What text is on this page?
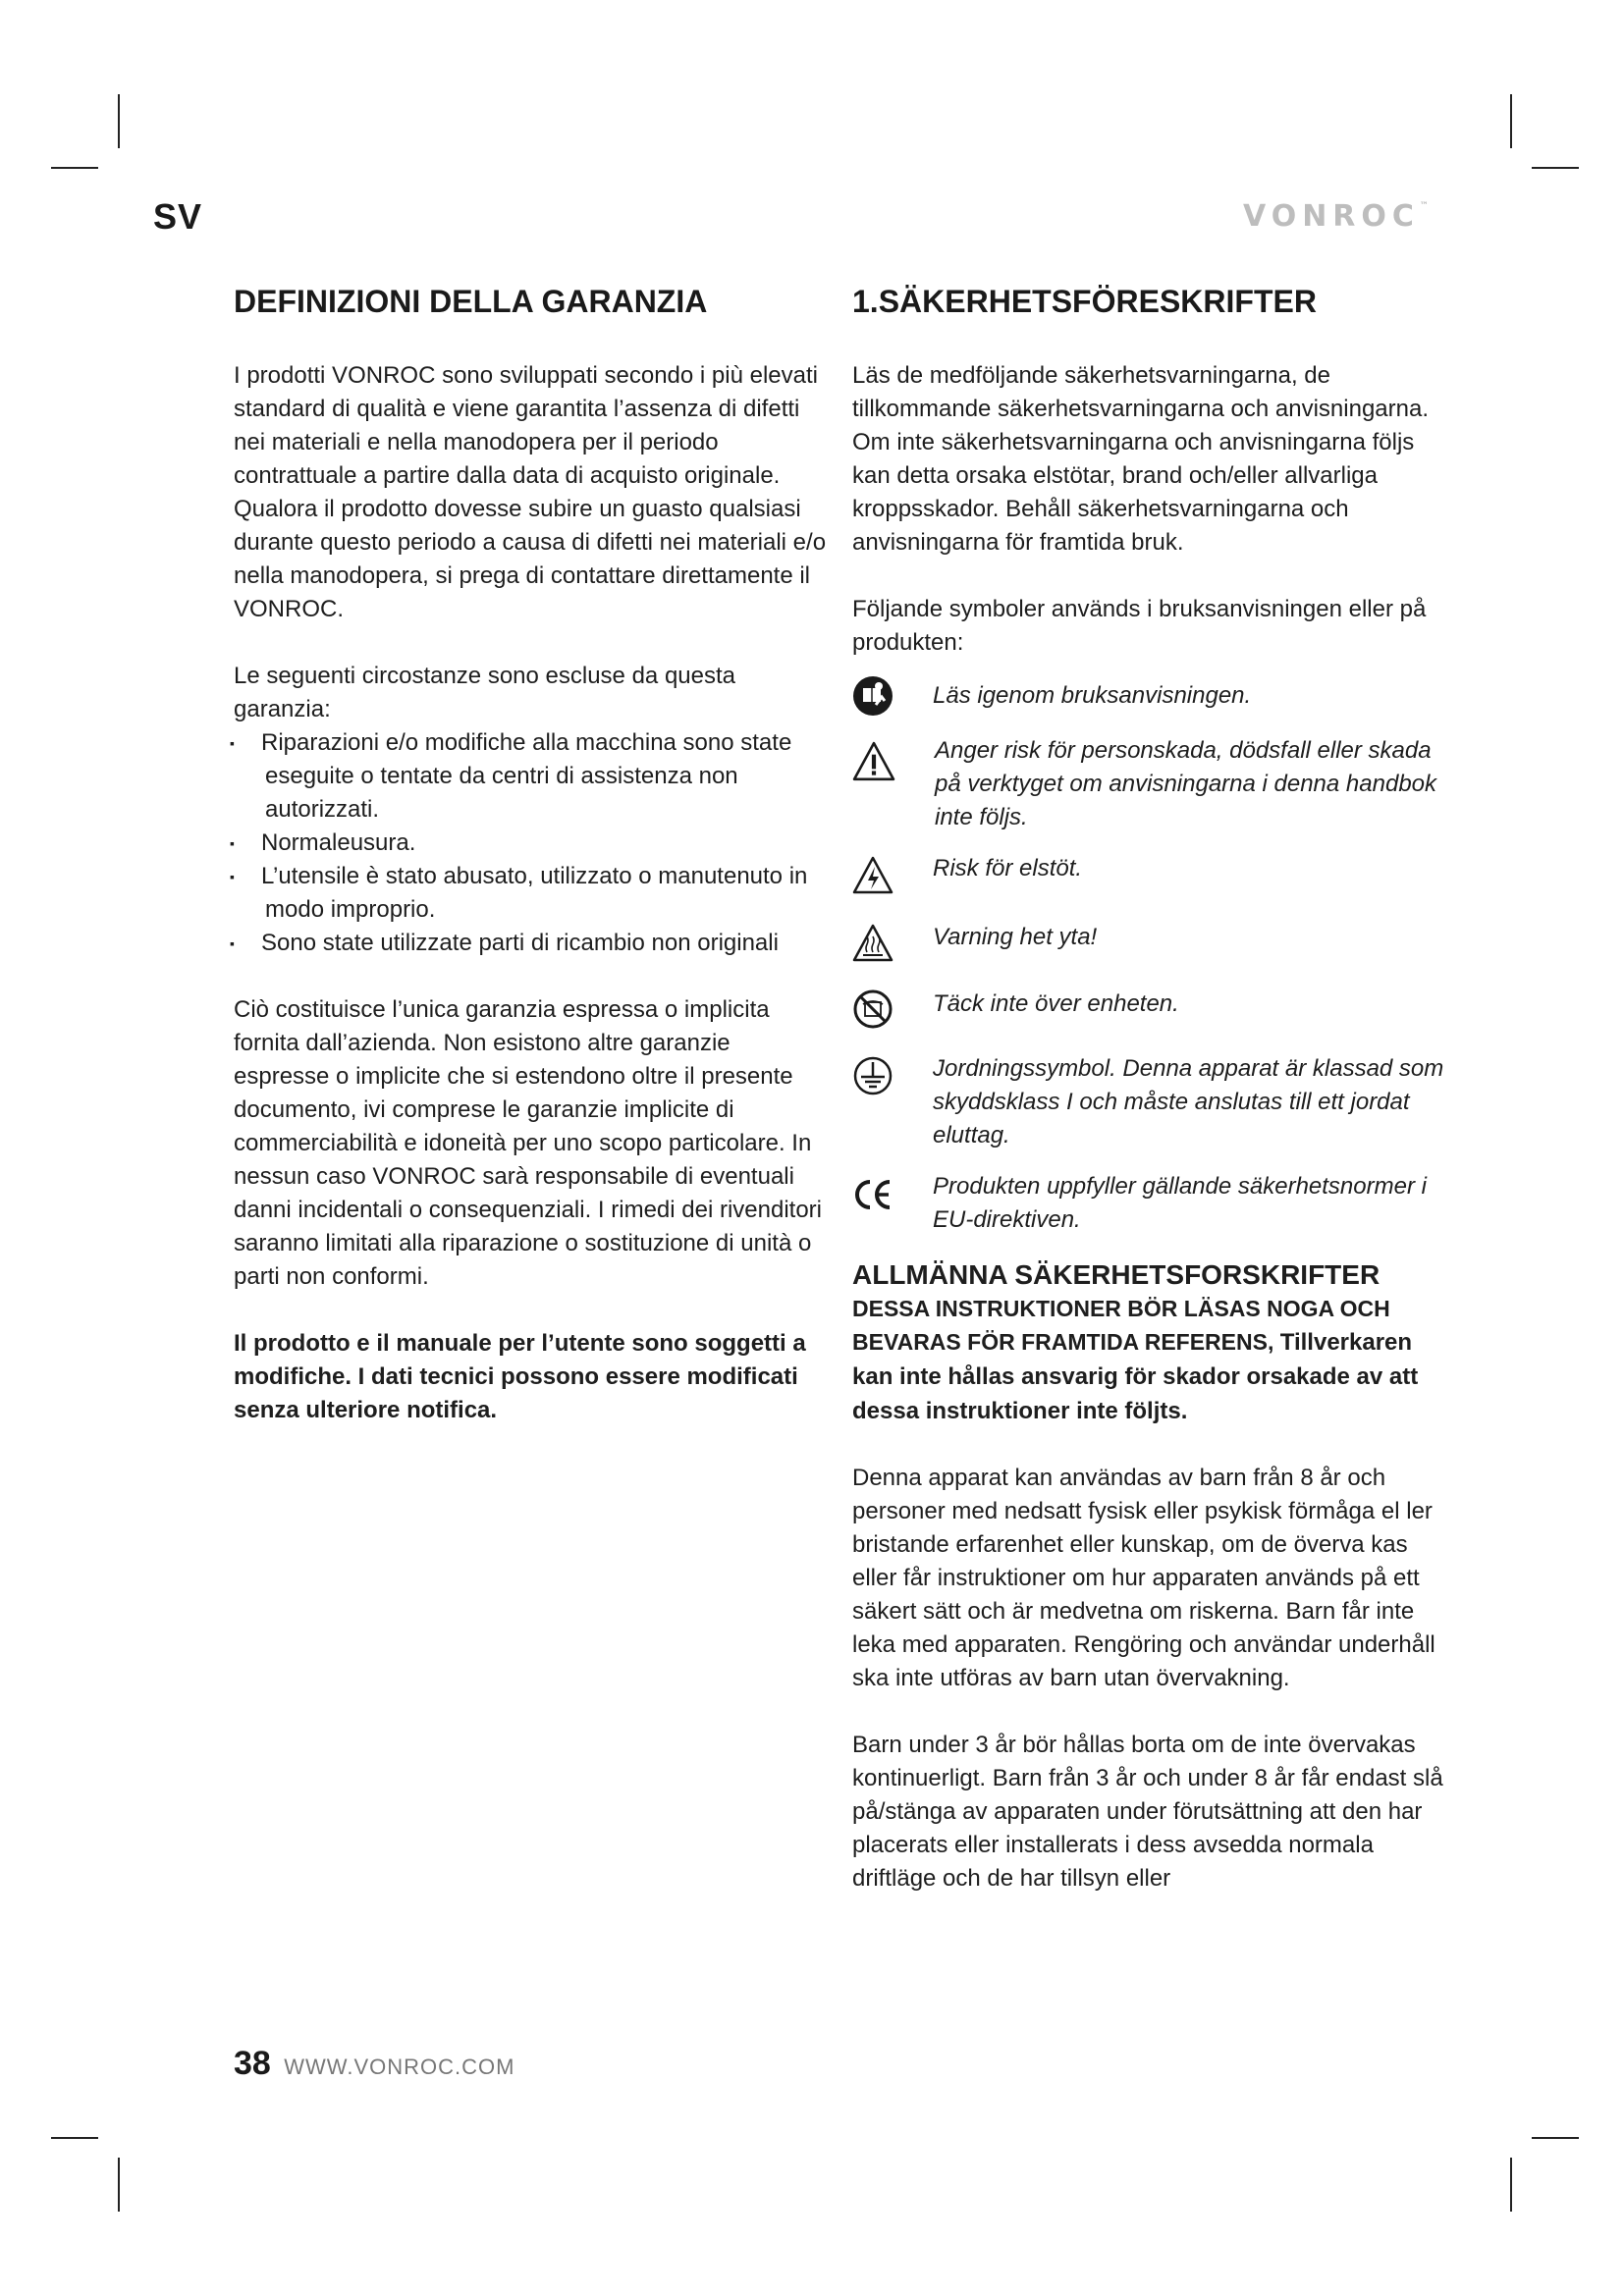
SV	VONROC™
DEFINIZIONI DELLA GARANZIA

I prodotti VONROC sono sviluppati secondo i più elevati standard di qualità e viene garantita l’assenza di difetti nei materiali e nella manodopera per il periodo contrattuale a partire dalla data di acquisto originale. Qualora il prodotto dovesse subire un guasto qualsiasi durante questo periodo a causa di difetti nei materiali e/o nella manodopera, si prega di contattare direttamente il VONROC.

Le seguenti circostanze sono escluse da questa garanzia:
▪ Riparazioni e/o modifiche alla macchina sono state eseguite o tentate da centri di assistenza non autorizzati.
▪ Normaleusura.
▪ L’utensile è stato abusato, utilizzato o manutenuto in modo improprio.
▪ Sono state utilizzate parti di ricambio non originali

Ciò costituisce l’unica garanzia espressa o implicita fornita dall’azienda. Non esistono altre garanzie espresse o implicite che si estendono oltre il presente documento, ivi comprese le garanzie implicite di commerciabilità e idoneità per uno scopo particolare. In nessun caso VONROC sarà responsabile di eventuali danni incidentali o consequenziali. I rimedi dei rivenditori saranno limitati alla riparazione o sostituzione di unità o parti non conformi.

Il prodotto e il manuale per l’utente sono soggetti a modifiche. I dati tecnici possono essere modificati senza ulteriore notifica.

1.SÄKERHETSFÖRESKRIFTER

Läs de medföljande säkerhetsvarningarna, de tillkommande säkerhetsvarningarna och anvisningarna. Om inte säkerhetsvarningarna och anvisningarna följs kan detta orsaka elstötar, brand och/eller allvarliga kroppsskador. Behåll säkerhetsvarningarna och anvisningarna för framtida bruk.

Följande symboler används i bruksanvisningen eller på produkten:

Läs igenom bruksanvisningen.
Anger risk för personskada, dödsfall eller skada på verktyget om anvisningarna i denna handbok inte följs.
Risk för elstöt.
Varning het yta!
Täck inte över enheten.
Jordningssymbol. Denna apparat är klassad som skyddsklass I och måste anslutas till ett jordat eluttag.
Produkten uppfyller gällande säkerhetsnormer i EU-direktiven.
ALLMÄNNA SÄKERHETSFORSKRIFTER
DESSA INSTRUKTIONER BÖR LÄSAS NOGA OCH BEVARAS FÖR FRAMTIDA REFERENS, Tillverkaren kan inte hållas ansvarig för skador orsakade av att dessa instruktioner inte följts.

Denna apparat kan användas av barn från 8 år och personer med nedsatt fysisk eller psykisk förmåga el ler bristande erfarenhet eller kunskap, om de överva kas eller får instruktioner om hur apparaten används på ett säkert sätt och är medvetna om riskerna. Barn får inte leka med apparaten. Rengöring och användar underhåll ska inte utföras av barn utan övervakning.

Barn under 3 år bör hållas borta om de inte övervakas kontinuerligt. Barn från 3 år och under 8 år får endast slå på/stänga av apparaten under förutsättning att den har placerats eller installerats i dess avsedda normala driftläge och de har tillsyn eller

38 WWW.VONROC.COM
